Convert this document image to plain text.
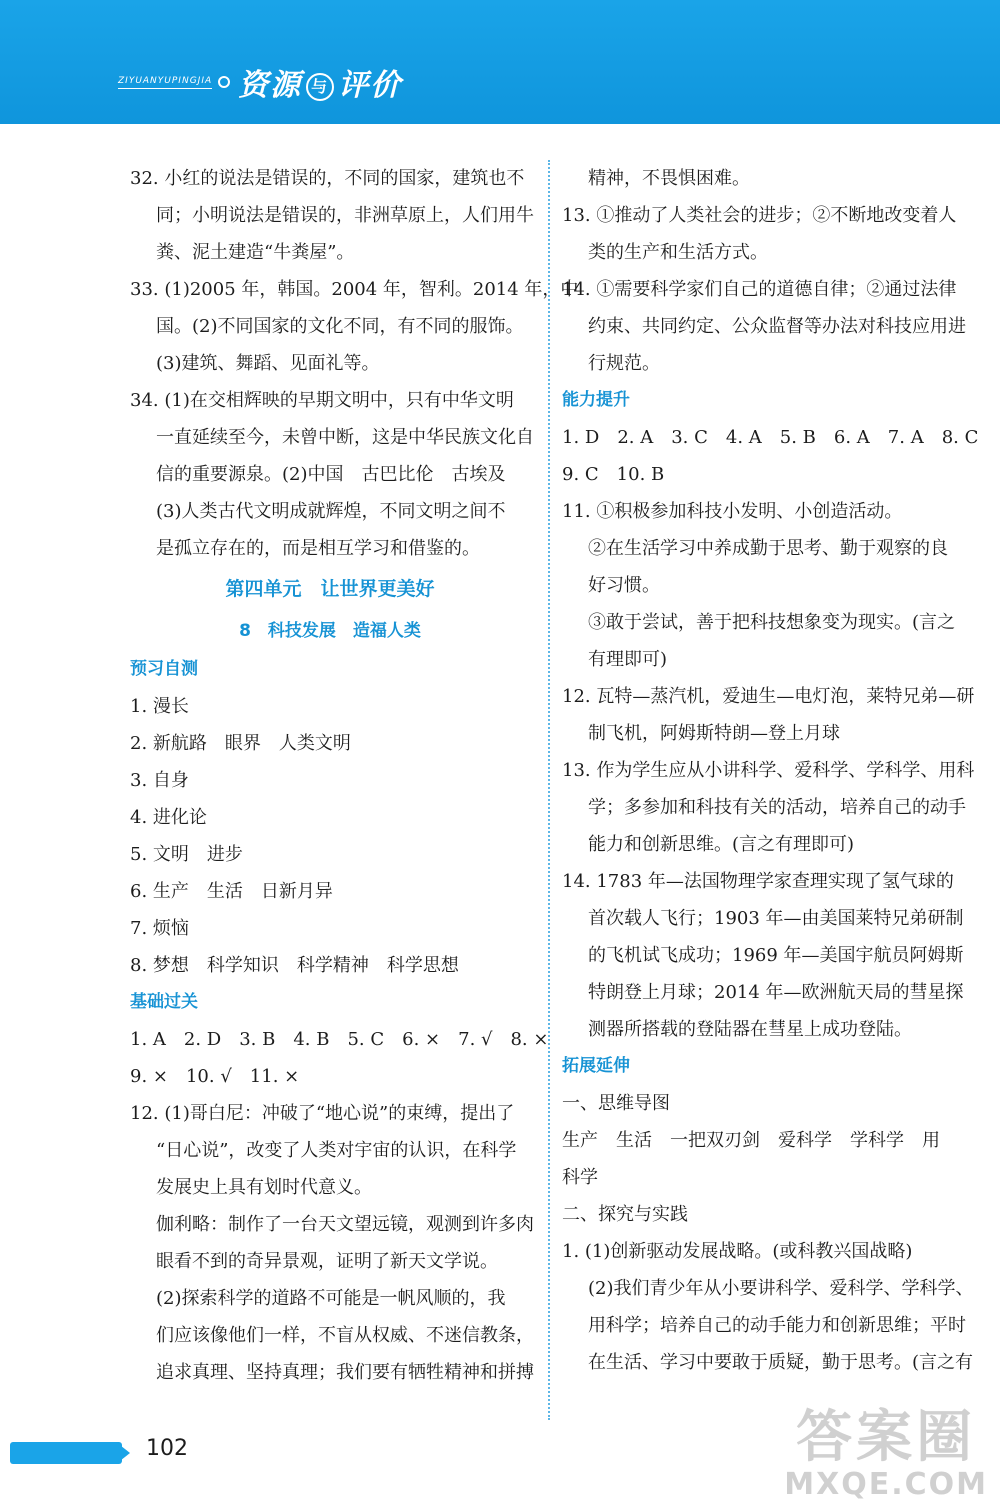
ZIYUANYUPINGJIA 资源 与 评价
32. 小红的说法是错误的，不同的国家，建筑也不
同；小明说法是错误的，非洲草原上，人们用牛
粪、泥土建造“牛粪屋”。
33. (1)2005 年，韩国。2004 年，智利。2014 年，中
国。(2)不同国家的文化不同，有不同的服饰。
(3)建筑、舞蹈、见面礼等。
34. (1)在交相辉映的早期文明中，只有中华文明
一直延续至今，未曾中断，这是中华民族文化自
信的重要源泉。(2)中国　古巴比伦　古埃及
(3)人类古代文明成就辉煌，不同文明之间不
是孤立存在的，而是相互学习和借鉴的。
第四单元　让世界更美好
8　科技发展　造福人类
预习自测
1. 漫长
2. 新航路　眼界　人类文明
3. 自身
4. 进化论
5. 文明　进步
6. 生产　生活　日新月异
7. 烦恼
8. 梦想　科学知识　科学精神　科学思想
基础过关
1. A　2. D　3. B　4. B　5. C　6. ×　7. √　8. ×
9. ×　10. √　11. ×
12. (1)哥白尼：冲破了“地心说”的束缚，提出了
“日心说”，改变了人类对宇宙的认识，在科学
发展史上具有划时代意义。
伽利略：制作了一台天文望远镜，观测到许多肉
眼看不到的奇异景观，证明了新天文学说。
(2)探索科学的道路不可能是一帆风顺的，我
们应该像他们一样，不盲从权威、不迷信教条，
追求真理、坚持真理；我们要有牺牲精神和拼搏
精神，不畏惧困难。
13. ①推动了人类社会的进步；②不断地改变着人
类的生产和生活方式。
14. ①需要科学家们自己的道德自律；②通过法律
约束、共同约定、公众监督等办法对科技应用进
行规范。
能力提升
1. D　2. A　3. C　4. A　5. B　6. A　7. A　8. C
9. C　10. B
11. ①积极参加科技小发明、小创造活动。
②在生活学习中养成勤于思考、勤于观察的良
好习惯。
③敢于尝试，善于把科技想象变为现实。(言之
有理即可)
12. 瓦特—蒸汽机，爱迪生—电灯泡，莱特兄弟—研
制飞机，阿姆斯特朗—登上月球
13. 作为学生应从小讲科学、爱科学、学科学、用科
学；多参加和科技有关的活动，培养自己的动手
能力和创新思维。(言之有理即可)
14. 1783 年—法国物理学家查理实现了氢气球的
首次载人飞行；1903 年—由美国莱特兄弟研制
的飞机试飞成功；1969 年—美国宇航员阿姆斯
特朗登上月球；2014 年—欧洲航天局的彗星探
测器所搭载的登陆器在彗星上成功登陆。
拓展延伸
一、思维导图
生产　生活　一把双刃剑　爱科学　学科学　用
科学
二、探究与实践
1. (1)创新驱动发展战略。(或科教兴国战略)
(2)我们青少年从小要讲科学、爱科学、学科学、
用科学；培养自己的动手能力和创新思维；平时
在生活、学习中要敢于质疑，勤于思考。(言之有
102	答案圈
MXQE.COM
